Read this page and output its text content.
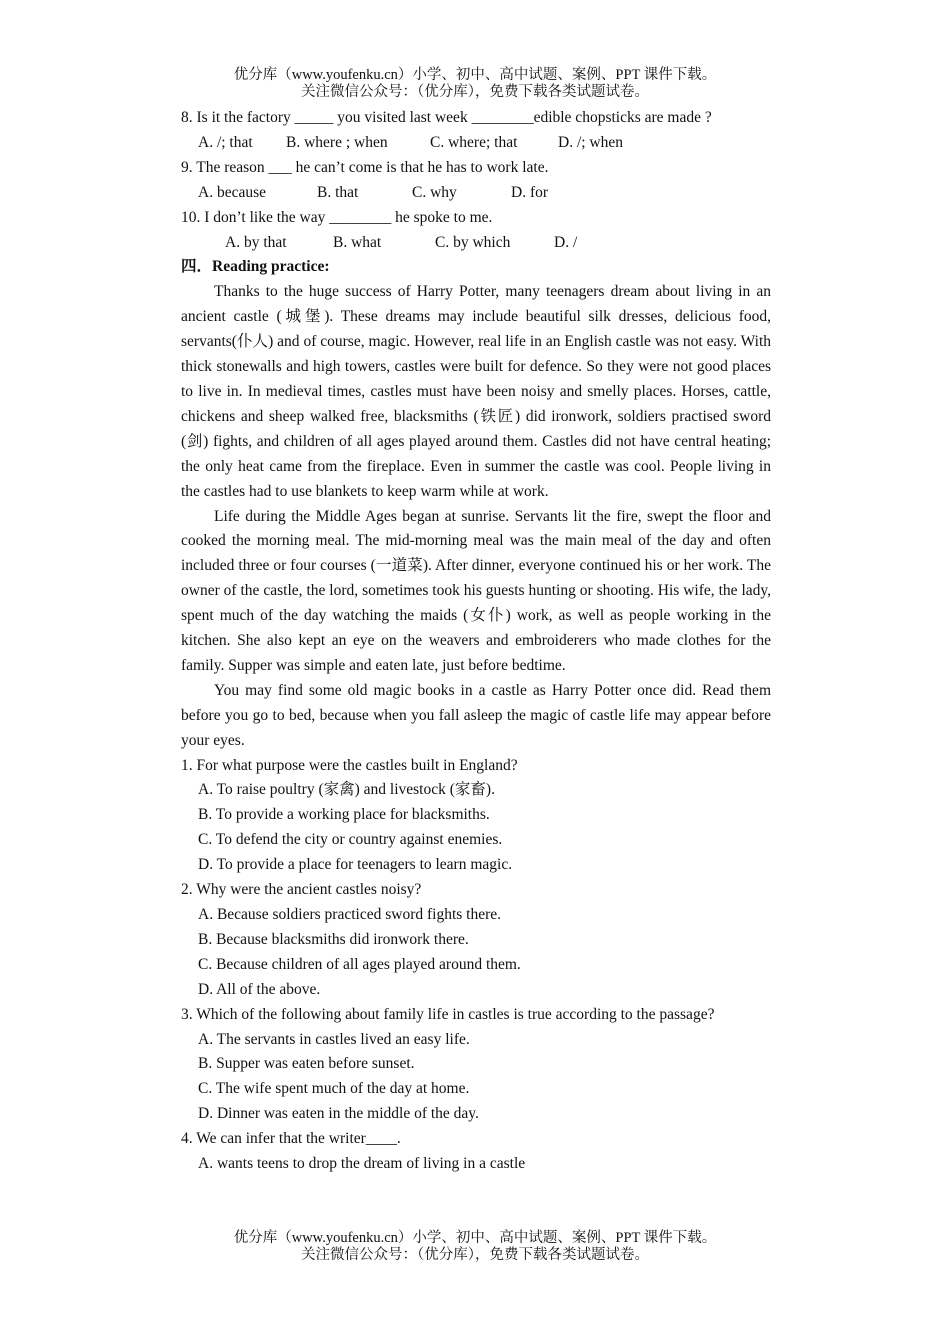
优分库（www.youfenku.cn）小学、初中、高中试题、案例、PPT 课件下载。
关注微信公众号：（优分库），免费下载各类试题试卷。
8. Is it the factory _____ you visited last week ________edible chopsticks are made ?
A. /; that	B. where ; when	C. where; that	D. /; when
9. The reason ___ he can’t come is that he has to work late.
A. because	B. that	C. why	D. for
10. I don’t like the way ________ he spoke to me.
A. by that	B. what	C. by which	D. /
四．Reading practice:
Thanks to the huge success of Harry Potter, many teenagers dream about living in an ancient castle (城堡). These dreams may include beautiful silk dresses, delicious food, servants(仆人) and of course, magic. However, real life in an English castle was not easy. With thick stonewalls and high towers, castles were built for defence. So they were not good places to live in. In medieval times, castles must have been noisy and smelly places. Horses, cattle, chickens and sheep walked free, blacksmiths (铁匠) did ironwork, soldiers practised sword (剑) fights, and children of all ages played around them. Castles did not have central heating; the only heat came from the fireplace. Even in summer the castle was cool. People living in the castles had to use blankets to keep warm while at work.
Life during the Middle Ages began at sunrise. Servants lit the fire, swept the floor and cooked the morning meal. The mid-morning meal was the main meal of the day and often included three or four courses (一道菜). After dinner, everyone continued his or her work. The owner of the castle, the lord, sometimes took his guests hunting or shooting. His wife, the lady, spent much of the day watching the maids (女仆) work, as well as people working in the kitchen. She also kept an eye on the weavers and embroiderers who made clothes for the family. Supper was simple and eaten late, just before bedtime.
You may find some old magic books in a castle as Harry Potter once did. Read them before you go to bed, because when you fall asleep the magic of castle life may appear before your eyes.
1. For what purpose were the castles built in England?
A. To raise poultry (家禽) and livestock (家畜).
B. To provide a working place for blacksmiths.
C. To defend the city or country against enemies.
D. To provide a place for teenagers to learn magic.
2. Why were the ancient castles noisy?
A. Because soldiers practiced sword fights there.
B. Because blacksmiths did ironwork there.
C. Because children of all ages played around them.
D. All of the above.
3. Which of the following about family life in castles is true according to the passage?
A. The servants in castles lived an easy life.
B. Supper was eaten before sunset.
C. The wife spent much of the day at home.
D. Dinner was eaten in the middle of the day.
4. We can infer that the writer____.
A. wants teens to drop the dream of living in a castle
优分库（www.youfenku.cn）小学、初中、高中试题、案例、PPT 课件下载。
关注微信公众号：（优分库），免费下载各类试题试卷。
